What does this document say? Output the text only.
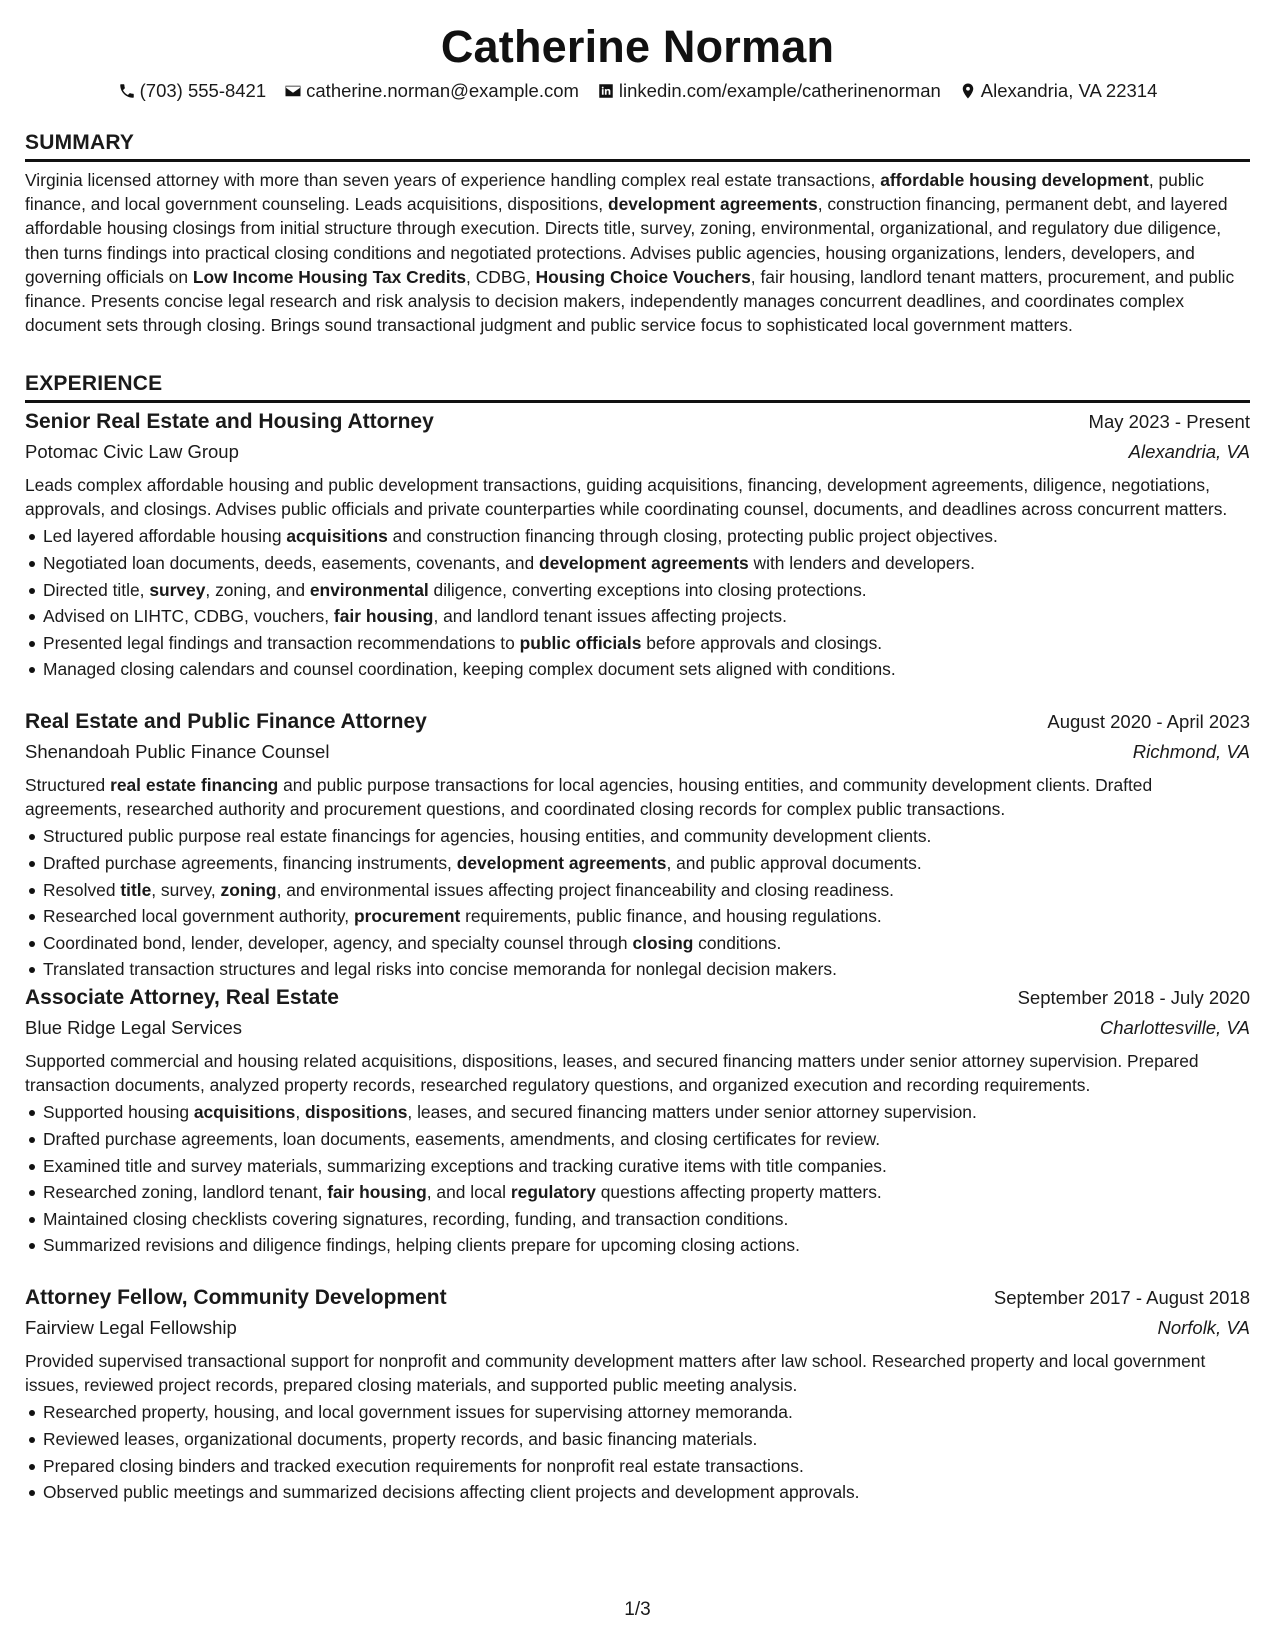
Catherine Norman
(703) 555-8421 catherine.norman@example.com linkedin.com/example/catherinenorman Alexandria, VA 22314
SUMMARY

Virginia licensed attorney with more than seven years of experience handling complex real estate transactions, affordable housing development, public finance, and local government counseling. Leads acquisitions, dispositions, development agreements, construction financing, permanent debt, and layered affordable housing closings from initial structure through execution. Directs title, survey, zoning, environmental, organizational, and regulatory due diligence, then turns findings into practical closing conditions and negotiated protections. Advises public agencies, housing organizations, lenders, developers, and governing officials on Low Income Housing Tax Credits, CDBG, Housing Choice Vouchers, fair housing, landlord tenant matters, procurement, and public finance. Presents concise legal research and risk analysis to decision makers, independently manages concurrent deadlines, and coordinates complex document sets through closing. Brings sound transactional judgment and public service focus to sophisticated local government matters.

EXPERIENCE
Senior Real Estate and Housing Attorney	May 2023 - Present
Potomac Civic Law Group	Alexandria, VA

Leads complex affordable housing and public development transactions, guiding acquisitions, financing, development agreements, diligence, negotiations, approvals, and closings. Advises public officials and private counterparties while coordinating counsel, documents, and deadlines across concurrent matters.

Led layered affordable housing acquisitions and construction financing through closing, protecting public project objectives.
Negotiated loan documents, deeds, easements, covenants, and development agreements with lenders and developers.
Directed title, survey, zoning, and environmental diligence, converting exceptions into closing protections.
Advised on LIHTC, CDBG, vouchers, fair housing, and landlord tenant issues affecting projects.
Presented legal findings and transaction recommendations to public officials before approvals and closings.
Managed closing calendars and counsel coordination, keeping complex document sets aligned with conditions.
Real Estate and Public Finance Attorney	August 2020 - April 2023
Shenandoah Public Finance Counsel	Richmond, VA

Structured real estate financing and public purpose transactions for local agencies, housing entities, and community development clients. Drafted agreements, researched authority and procurement questions, and coordinated closing records for complex public transactions.

Structured public purpose real estate financings for agencies, housing entities, and community development clients.
Drafted purchase agreements, financing instruments, development agreements, and public approval documents.
Resolved title, survey, zoning, and environmental issues affecting project financeability and closing readiness.
Researched local government authority, procurement requirements, public finance, and housing regulations.
Coordinated bond, lender, developer, agency, and specialty counsel through closing conditions.
Translated transaction structures and legal risks into concise memoranda for nonlegal decision makers.
Associate Attorney, Real Estate	September 2018 - July 2020
Blue Ridge Legal Services	Charlottesville, VA

Supported commercial and housing related acquisitions, dispositions, leases, and secured financing matters under senior attorney supervision. Prepared transaction documents, analyzed property records, researched regulatory questions, and organized execution and recording requirements.

Supported housing acquisitions, dispositions, leases, and secured financing matters under senior attorney supervision.
Drafted purchase agreements, loan documents, easements, amendments, and closing certificates for review.
Examined title and survey materials, summarizing exceptions and tracking curative items with title companies.
Researched zoning, landlord tenant, fair housing, and local regulatory questions affecting property matters.
Maintained closing checklists covering signatures, recording, funding, and transaction conditions.
Summarized revisions and diligence findings, helping clients prepare for upcoming closing actions.
Attorney Fellow, Community Development	September 2017 - August 2018
Fairview Legal Fellowship	Norfolk, VA

Provided supervised transactional support for nonprofit and community development matters after law school. Researched property and local government issues, reviewed project records, prepared closing materials, and supported public meeting analysis.

Researched property, housing, and local government issues for supervising attorney memoranda.
Reviewed leases, organizational documents, property records, and basic financing materials.
Prepared closing binders and tracked execution requirements for nonprofit real estate transactions.
Observed public meetings and summarized decisions affecting client projects and development approvals.
1/3
